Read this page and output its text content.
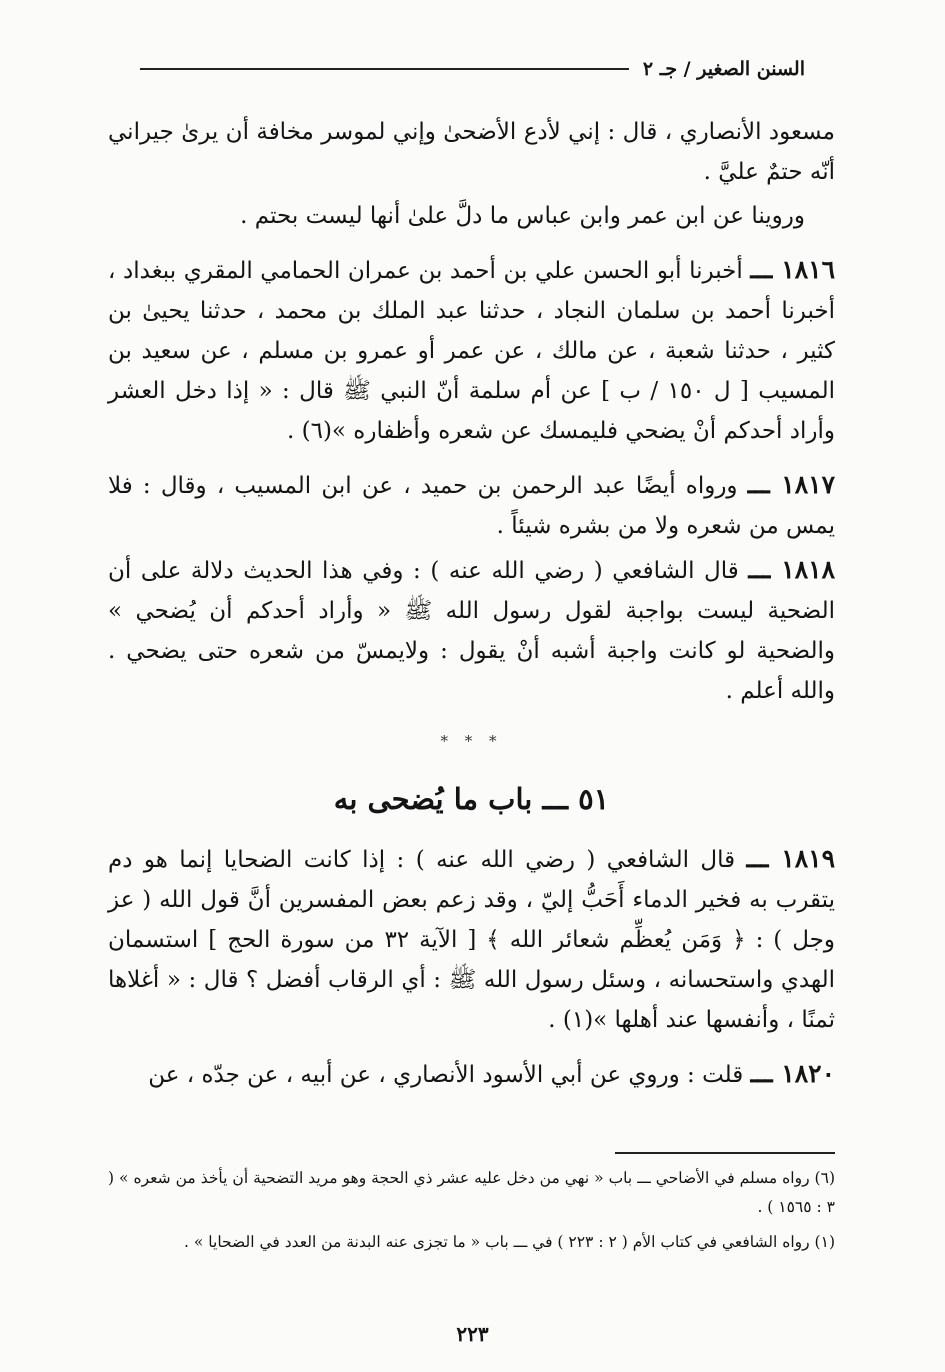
السنن الصغير / جـ ٢

مسعود الأنصاري ، قال : إني لأدع الأضحىٰ وإني لموسر مخافة أن يرىٰ جيراني أنّه حتمٌ عليَّ .

وروينا عن ابن عمر وابن عباس ما دلَّ علىٰ أنها ليست بحتم .

١٨١٦ ـــ أخبرنا أبو الحسن علي بن أحمد بن عمران الحمامي المقري ببغداد ، أخبرنا أحمد بن سلمان النجاد ، حدثنا عبد الملك بن محمد ، حدثنا يحيىٰ بن كثير ، حدثنا شعبة ، عن مالك ، عن عمر أو عمرو بن مسلم ، عن سعيد بن المسيب [ ل ١٥٠ / ب ] عن أم سلمة أنّ النبي ﷺ قال : « إذا دخل العشر وأراد أحدكم أنْ يضحي فليمسك عن شعره وأظفاره »(٦) .

١٨١٧ ـــ ورواه أيضًا عبد الرحمن بن حميد ، عن ابن المسيب ، وقال : فلا يمس من شعره ولا من بشره شيئاً .

١٨١٨ ـــ قال الشافعي ( رضي الله عنه ) : وفي هذا الحديث دلالة على أن الضحية ليست بواجبة لقول رسول الله ﷺ « وأراد أحدكم أن يُضحي » والضحية لو كانت واجبة أشبه أنْ يقول : ولايمسّ من شعره حتى يضحي . والله أعلم .

* * *
٥١ ـــ باب ما يُضحى به

١٨١٩ ـــ قال الشافعي ( رضي الله عنه ) : إذا كانت الضحايا إنما هو دم يتقرب به فخير الدماء أَحَبُّ إليّ ، وقد زعم بعض المفسرين أنَّ قول الله ( عز وجل ) : ﴿ وَمَن يُعظِّم شعائر الله ﴾ [ الآية ٣٢ من سورة الحج ] استسمان الهدي واستحسانه ، وسئل رسول الله ﷺ : أي الرقاب أفضل ؟ قال : « أغلاها ثمنًا ، وأنفسها عند أهلها »(١) .

١٨٢٠ ـــ قلت : وروي عن أبي الأسود الأنصاري ، عن أبيه ، عن جدّه ، عن

(٦) رواه مسلم في الأضاحي ـــ باب « نهي من دخل عليه عشر ذي الحجة وهو مريد التضحية أن يأخذ من شعره » ( ٣ : ١٥٦٥ ) .

(١) رواه الشافعي في كتاب الأم ( ٢ : ٢٢٣ ) في ـــ باب « ما تجزى عنه البدنة من العدد في الضحايا » .

٢٢٣
